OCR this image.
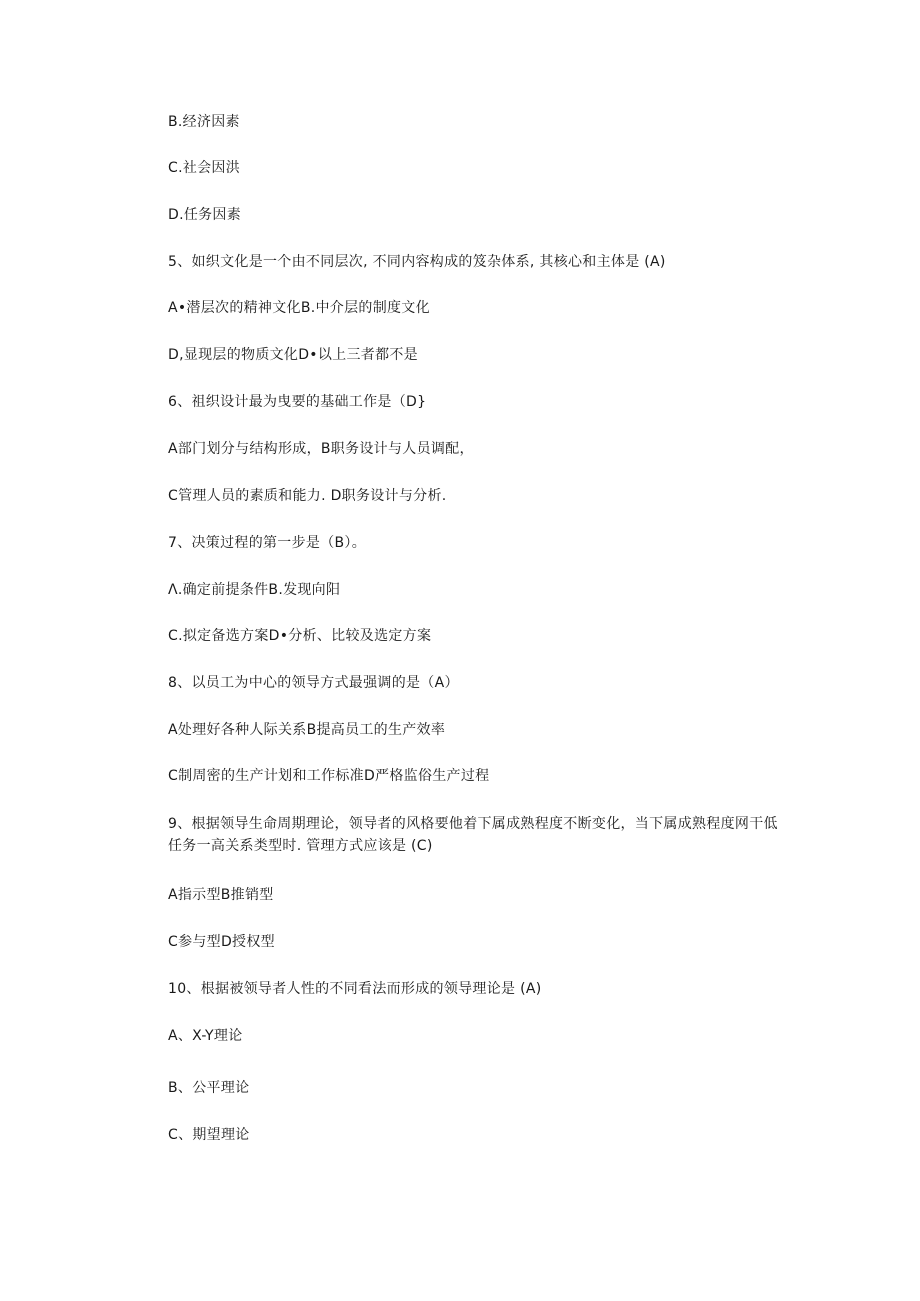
B.经济因素
C.社会因洪
D.任务因素
5、如织文化是一个由不同层次, 不同内容构成的笈杂体系, 其核心和主体是 (A)
A•潜层次的精神文化B.中介层的制度文化
D,显现层的物质文化D•以上三者都不是
6、祖织设计最为曳要的基础工作是（D}
A部门划分与结构形成，B职务设计与人员调配，
C管理人员的素质和能力. D职务设计与分析.
7、决策过程的第一步是（B）。
Λ.确定前提条件B.发现向阳
C.拟定备选方案D•分析、比较及选定方案
8、以员工为中心的领导方式最强调的是（A）
A处理好各种人际关系B提高员工的生产效率
C制周密的生产计划和工作标准D严格监俗生产过程
9、根据领导生命周期理论，领导者的风格要他着下属成熟程度不断变化，当下属成熟程度网干低任务一高关系类型时. 管理方式应该是 (C)
A指示型B推销型
C参与型D授权型
10、根据被领导者人性的不同看法而形成的领导理论是 (A)
A、X-Y理论
B、公平理论
C、期望理论
